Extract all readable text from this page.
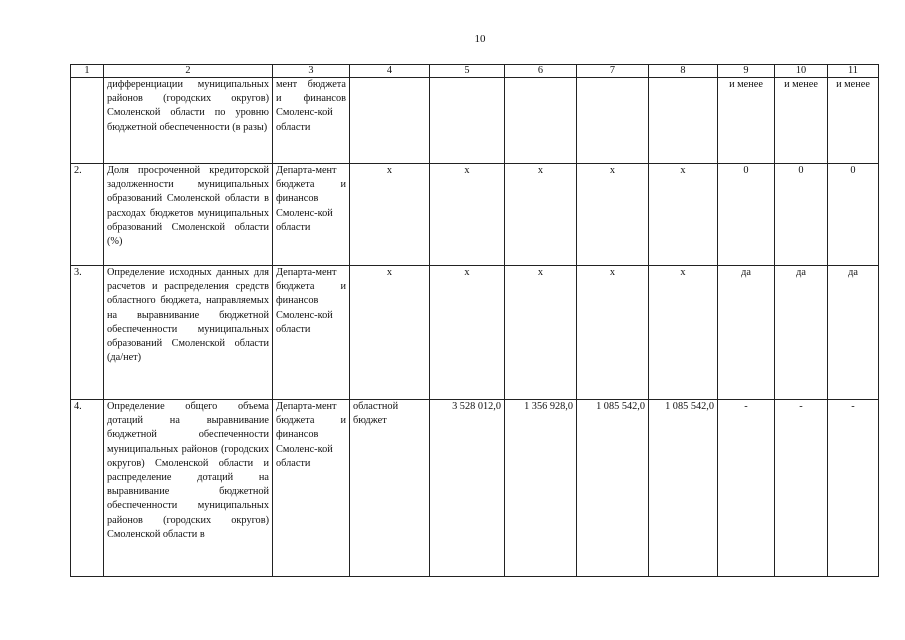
10
1	2	3	4	5	6	7	8	9	10	11
	дифференциации муниципальных районов (городских округов) Смоленской области по уровню бюджетной обеспеченности (в разы)	мент бюджета и финансов Смоленс-кой области						и менее	и менее	и менее
2.	Доля просроченной кредиторской задолженности муниципальных образований Смоленской области в расходах бюджетов муниципальных образований Смоленской области (%)	Департа-мент бюджета и финансов Смоленс-кой области	х	х	х	х	х	0	0	0
3.	Определение исходных данных для расчетов и распределения средств областного бюджета, направляемых на выравнивание бюджетной обеспеченности муниципальных образований Смоленской области (да/нет)	Департа-мент бюджета и финансов Смоленс-кой области	х	х	х	х	х	да	да	да
4.	Определение общего объема дотаций на выравнивание бюджетной обеспеченности муниципальных районов (городских округов) Смоленской области и распределение дотаций на выравнивание бюджетной обеспеченности муниципальных районов (городских округов) Смоленской области в	Департа-мент бюджета и финансов Смоленс-кой области	областной бюджет	3 528 012,0	1 356 928,0	1 085 542,0	1 085 542,0	-	-	-
